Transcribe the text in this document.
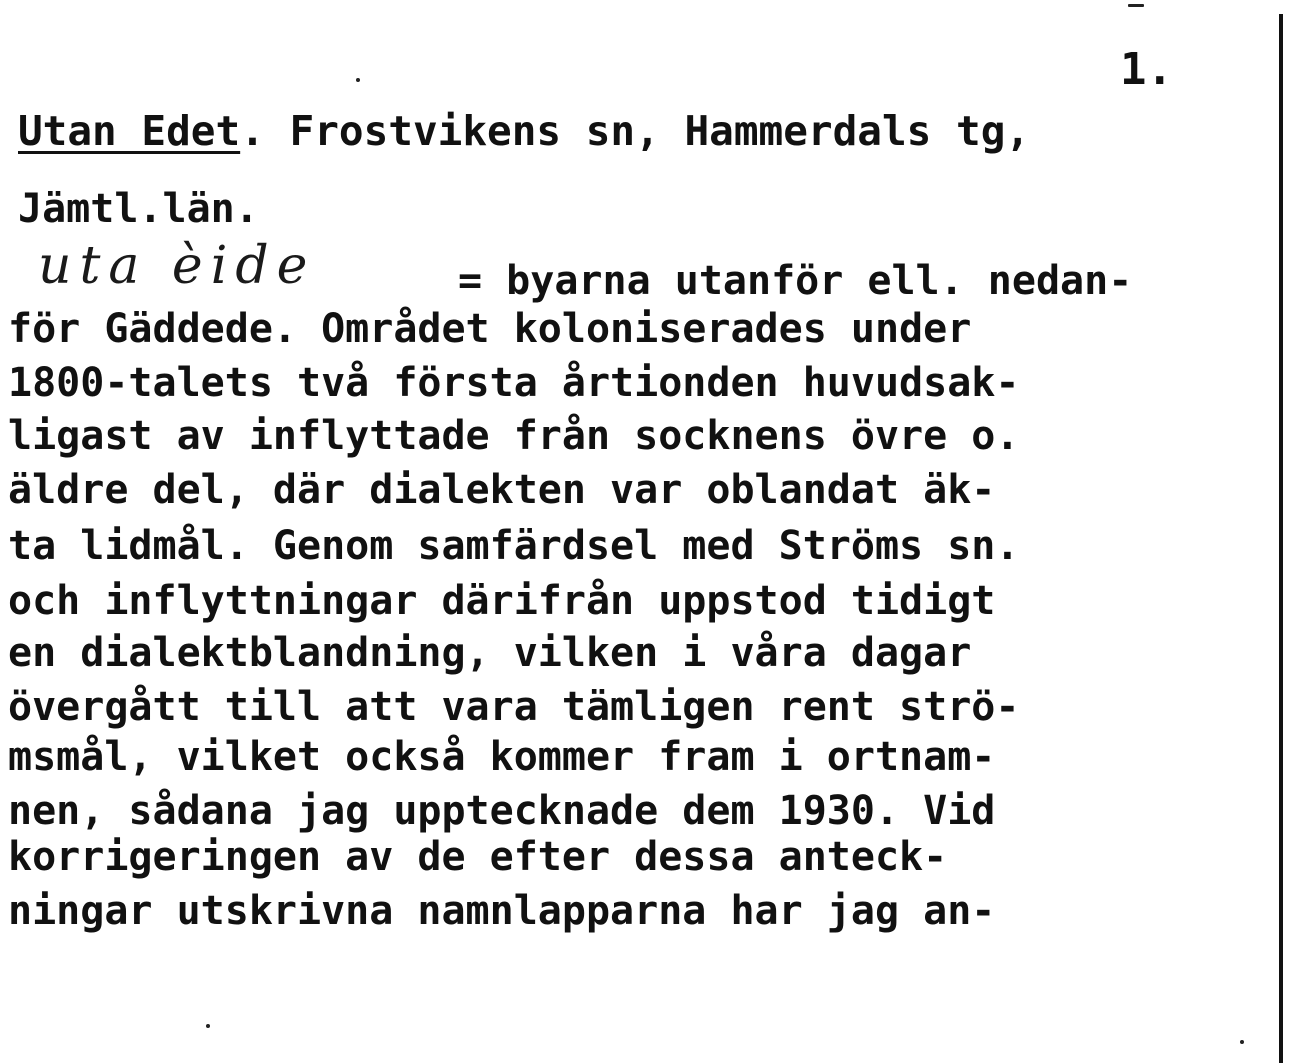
1.
Utan Edet. Frostvikens sn, Hammerdals tg,
Jämtl.län.
uta èide	= byarna utanför ell. nedan-
för Gäddede. Området koloniserades under
1800-talets två första årtionden huvudsak-
ligast av inflyttade från socknens övre o.
äldre del, där dialekten var oblandat äk-
ta lidmål. Genom samfärdsel med Ströms sn.
och inflyttningar därifrån uppstod tidigt
en dialektblandning, vilken i våra dagar
övergått till att vara tämligen rent strö-
msmål, vilket också kommer fram i ortnam-
nen, sådana jag upptecknade dem 1930. Vid
korrigeringen av de efter dessa anteck-
ningar utskrivna namnlapparna har jag an-
